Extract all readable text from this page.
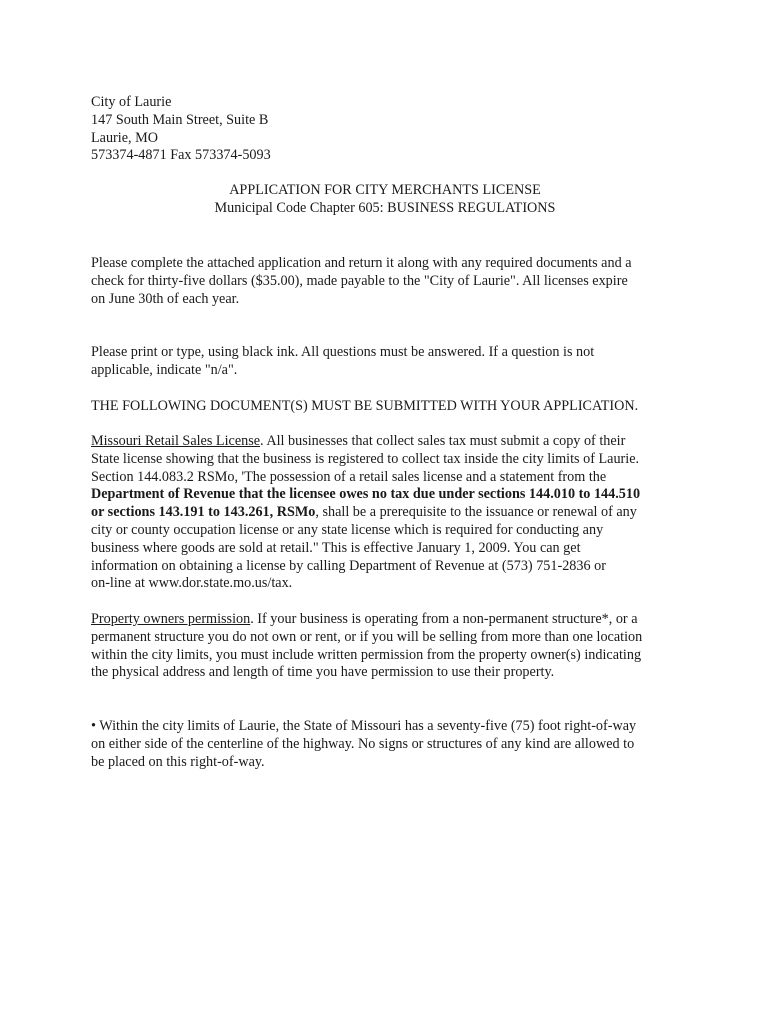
City of Laurie
147 South Main Street, Suite B
Laurie, MO
573374-4871 Fax 573374-5093
APPLICATION FOR CITY MERCHANTS LICENSE
Municipal Code Chapter 605: BUSINESS REGULATIONS
Please complete the attached application and return it along with any required documents and a
check for thirty-five dollars ($35.00), made payable to the "City of Laurie". All licenses expire
on June 30th of each year.
Please print or type, using black ink. All questions must be answered. If a question is not
applicable, indicate "n/a".
THE FOLLOWING DOCUMENT(S) MUST BE SUBMITTED WITH YOUR APPLICATION.
Missouri Retail Sales License. All businesses that collect sales tax must submit a copy of their
State license showing that the business is registered to collect tax inside the city limits of Laurie.
Section 144.083.2 RSMo, 'The possession of a retail sales license and a statement from the
Department of Revenue that the licensee owes no tax due under sections 144.010 to 144.510
or sections 143.191 to 143.261, RSMo, shall be a prerequisite to the issuance or renewal of any
city or county occupation license or any state license which is required for conducting any
business where goods are sold at retail." This is effective January 1, 2009. You can get
information on obtaining a license by calling Department of Revenue at (573) 751-2836 or
on-line at www.dor.state.mo.us/tax.
Property owners permission. If your business is operating from a non-permanent structure*, or a
permanent structure you do not own or rent, or if you will be selling from more than one location
within the city limits, you must include written permission from the property owner(s) indicating
the physical address and length of time you have permission to use their property.
• Within the city limits of Laurie, the State of Missouri has a seventy-five (75) foot right-of-way
on either side of the centerline of the highway. No signs or structures of any kind are allowed to
be placed on this right-of-way.
